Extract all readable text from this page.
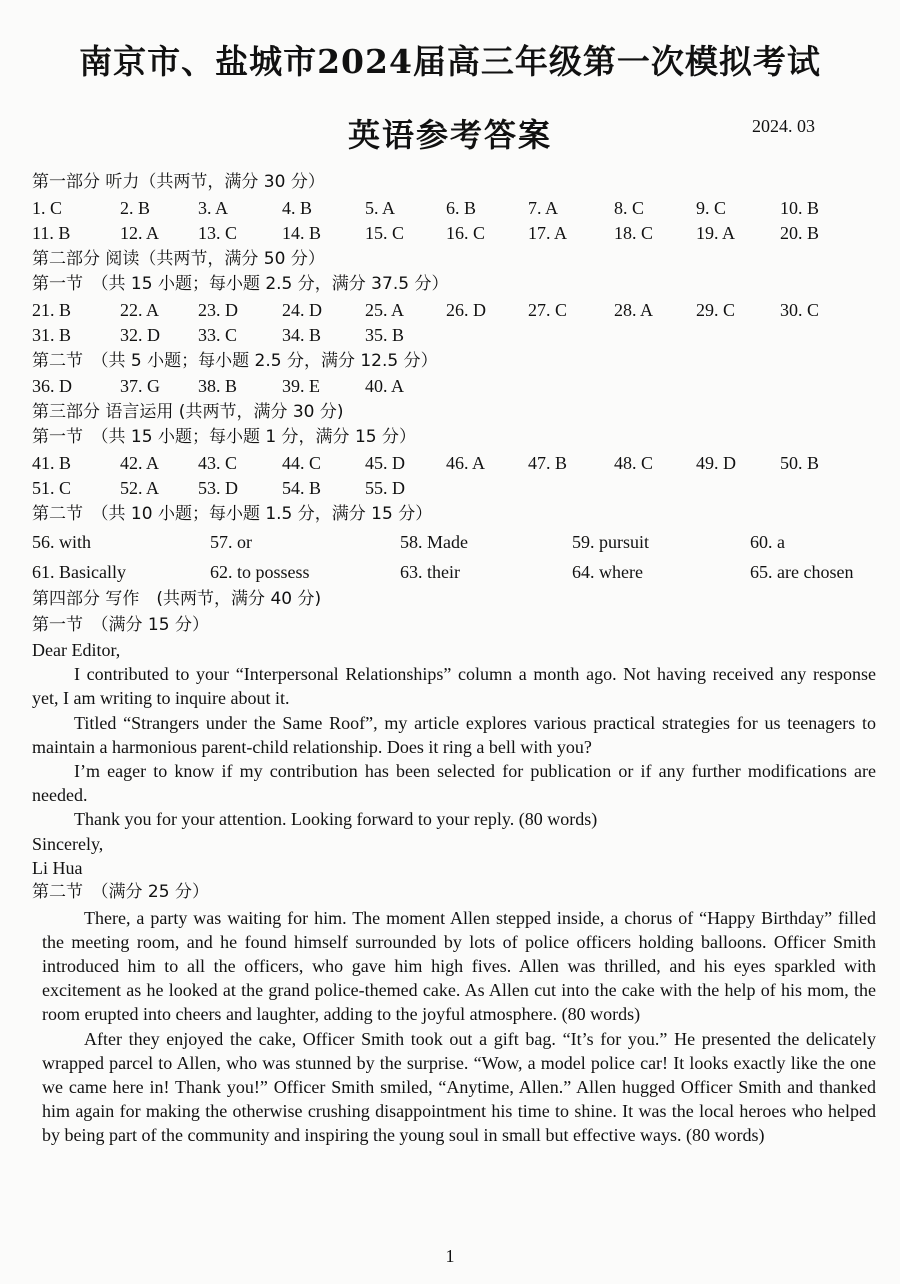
南京市、盐城市2024届高三年级第一次模拟考试
英语参考答案	2024. 03
第一部分 听力（共两节，满分 30 分）
1. C	2. B	3. A	4. B	5. A	6. B	7. A	8. C	9. C	10. B
11. B	12. A 13. C 14. B 15. C 16. C 17. A	18. C 19. A 20. B
第二部分 阅读（共两节，满分 50 分）
第一节　（共 15 小题；每小题 2.5 分，满分 37.5 分）
21. B	22. A 23. D 24. D 25. A 26. D 27. C	28. A 29. C 30. C
31. B	32. D 33. C 34. B 35. B
第二节　（共 5 小题；每小题 2.5 分，满分 12.5 分）
36. D	37. G 38. B 39. E	40. A
第三部分 语言运用 (共两节，满分 30 分)
第一节　（共 15 小题；每小题 1 分，满分 15 分）
41. B	42. A 43. C 44. C 45. D 46. A 47. B	48. C 49. D 50. B
51. C	52. A 53. D 54. B 55. D
第二节　（共 10 小题；每小题 1.5 分，满分 15 分）
56. with	57. or	58. Made	59. pursuit	60. a
61. Basically	62. to possess	63. their	64. where	65. are chosen
第四部分 写作　(共两节，满分 40 分)
第一节　（满分 15 分）
Dear Editor,

I contributed to your “Interpersonal Relationships” column a month ago. Not having received any response yet, I am writing to inquire about it.

Titled “Strangers under the Same Roof”, my article explores various practical strategies for us teenagers to maintain a harmonious parent-child relationship. Does it ring a bell with you?

I’m eager to know if my contribution has been selected for publication or if any further modifications are needed.

Thank you for your attention. Looking forward to your reply. (80 words)

Sincerely,
Li Hua
第二节　（满分 25 分）

There, a party was waiting for him. The moment Allen stepped inside, a chorus of “Happy Birthday” filled the meeting room, and he found himself surrounded by lots of police officers holding balloons. Officer Smith introduced him to all the officers, who gave him high fives. Allen was thrilled, and his eyes sparkled with excitement as he looked at the grand police-themed cake. As Allen cut into the cake with the help of his mom, the room erupted into cheers and laughter, adding to the joyful atmosphere. (80 words)

After they enjoyed the cake, Officer Smith took out a gift bag. “It’s for you.” He presented the delicately wrapped parcel to Allen, who was stunned by the surprise. “Wow, a model police car! It looks exactly like the one we came here in! Thank you!” Officer Smith smiled, “Anytime, Allen.” Allen hugged Officer Smith and thanked him again for making the otherwise crushing disappointment his time to shine. It was the local heroes who helped by being part of the community and inspiring the young soul in small but effective ways. (80 words)

1
